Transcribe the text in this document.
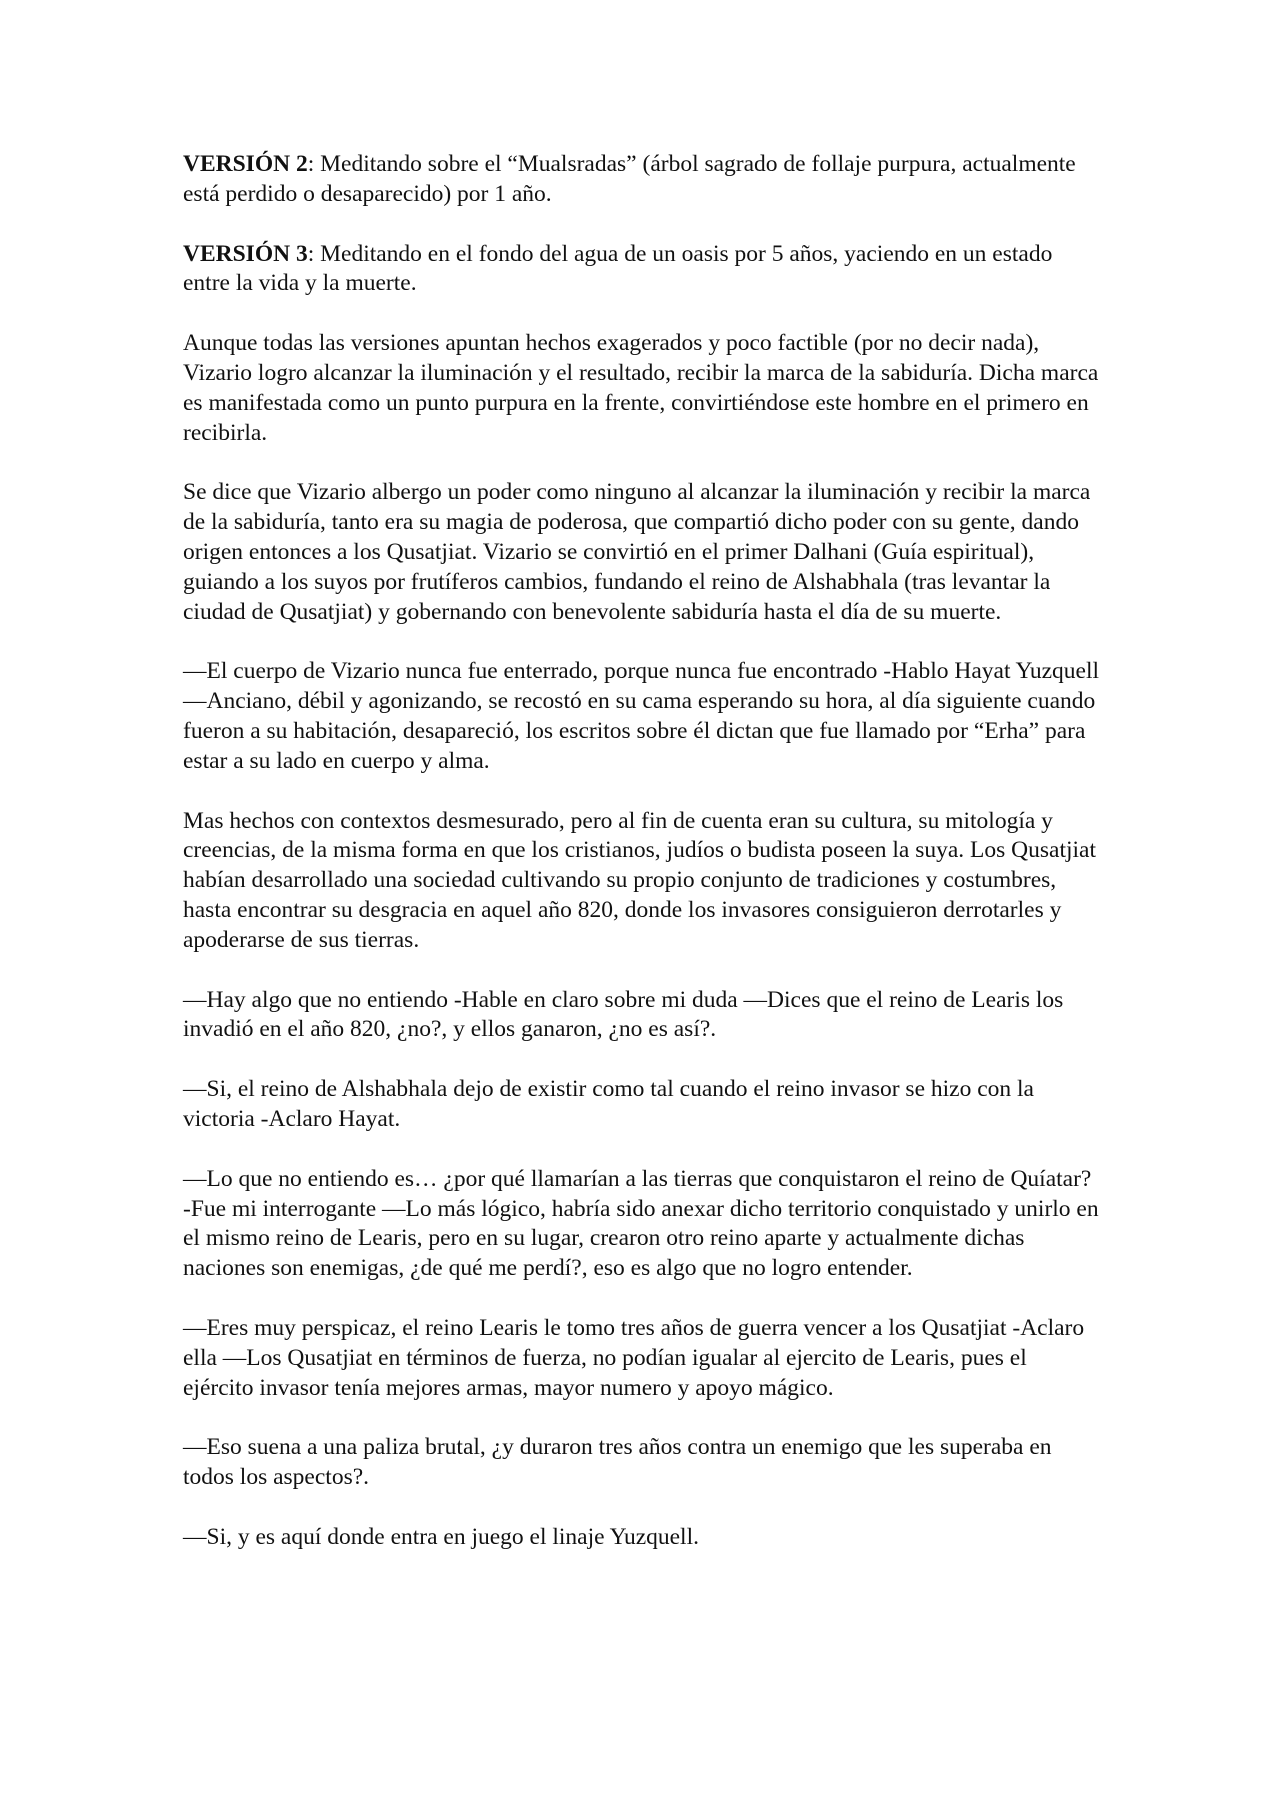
VERSIÓN 2: Meditando sobre el “Mualsradas” (árbol sagrado de follaje purpura, actualmente está perdido o desaparecido) por 1 año.

VERSIÓN 3: Meditando en el fondo del agua de un oasis por 5 años, yaciendo en un estado entre la vida y la muerte.

Aunque todas las versiones apuntan hechos exagerados y poco factible (por no decir nada), Vizario logro alcanzar la iluminación y el resultado, recibir la marca de la sabiduría. Dicha marca es manifestada como un punto purpura en la frente, convirtiéndose este hombre en el primero en recibirla.

Se dice que Vizario albergo un poder como ninguno al alcanzar la iluminación y recibir la marca de la sabiduría, tanto era su magia de poderosa, que compartió dicho poder con su gente, dando origen entonces a los Qusatjiat. Vizario se convirtió en el primer Dalhani (Guía espiritual), guiando a los suyos por frutíferos cambios, fundando el reino de Alshabhala (tras levantar la ciudad de Qusatjiat) y gobernando con benevolente sabiduría hasta el día de su muerte.

—El cuerpo de Vizario nunca fue enterrado, porque nunca fue encontrado -Hablo Hayat Yuzquell —Anciano, débil y agonizando, se recostó en su cama esperando su hora, al día siguiente cuando fueron a su habitación, desapareció, los escritos sobre él dictan que fue llamado por “Erha” para estar a su lado en cuerpo y alma.

Mas hechos con contextos desmesurado, pero al fin de cuenta eran su cultura, su mitología y creencias, de la misma forma en que los cristianos, judíos o budista poseen la suya. Los Qusatjiat habían desarrollado una sociedad cultivando su propio conjunto de tradiciones y costumbres, hasta encontrar su desgracia en aquel año 820, donde los invasores consiguieron derrotarles y apoderarse de sus tierras.

—Hay algo que no entiendo -Hable en claro sobre mi duda —Dices que el reino de Learis los invadió en el año 820, ¿no?, y ellos ganaron, ¿no es así?.

—Si, el reino de Alshabhala dejo de existir como tal cuando el reino invasor se hizo con la victoria -Aclaro Hayat.

—Lo que no entiendo es… ¿por qué llamarían a las tierras que conquistaron el reino de Quíatar? -Fue mi interrogante —Lo más lógico, habría sido anexar dicho territorio conquistado y unirlo en el mismo reino de Learis, pero en su lugar, crearon otro reino aparte y actualmente dichas naciones son enemigas, ¿de qué me perdí?, eso es algo que no logro entender.

—Eres muy perspicaz, el reino Learis le tomo tres años de guerra vencer a los Qusatjiat -Aclaro ella —Los Qusatjiat en términos de fuerza, no podían igualar al ejercito de Learis, pues el ejército invasor tenía mejores armas, mayor numero y apoyo mágico.

—Eso suena a una paliza brutal, ¿y duraron tres años contra un enemigo que les superaba en todos los aspectos?.

—Si, y es aquí donde entra en juego el linaje Yuzquell.
